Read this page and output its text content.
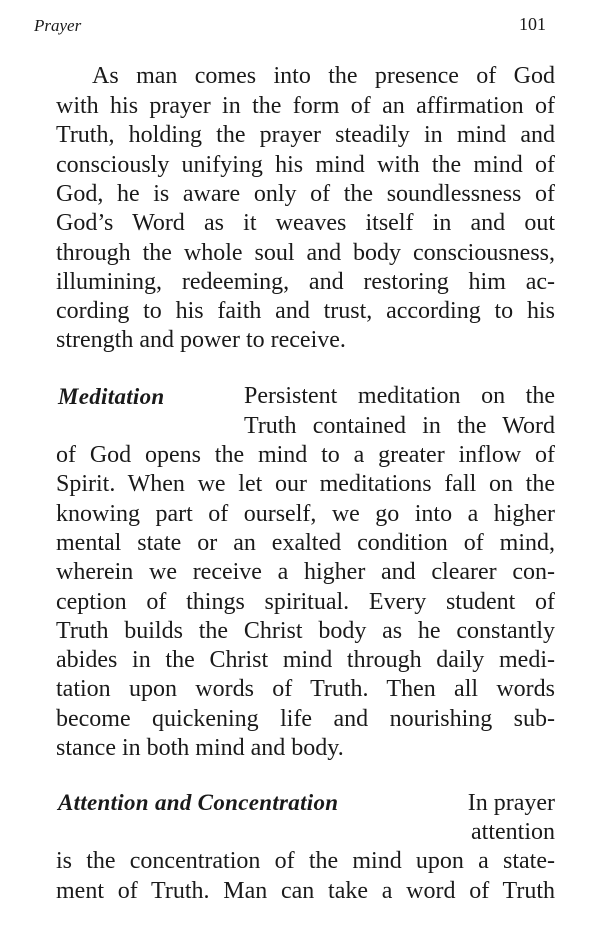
Prayer	101
As man comes into the presence of God
with his prayer in the form of an affirmation of
Truth, holding the prayer steadily in mind and
consciously unifying his mind with the mind of
God, he is aware only of the soundlessness of
God’s Word as it weaves itself in and out
through the whole soul and body consciousness,
illumining, redeeming, and restoring him ac-
cording to his faith and trust, according to his
strength and power to receive.
Meditation	Persistent meditation on the
Truth contained in the Word
of God opens the mind to a greater inflow of
Spirit. When we let our meditations fall on the
knowing part of ourself, we go into a higher
mental state or an exalted condition of mind,
wherein we receive a higher and clearer con-
ception of things spiritual. Every student of
Truth builds the Christ body as he constantly
abides in the Christ mind through daily medi-
tation upon words of Truth. Then all words
become quickening life and nourishing sub-
stance in both mind and body.
Attention and Concentration	In prayer
attention
is the concentration of the mind upon a state-
ment of Truth. Man can take a word of Truth
